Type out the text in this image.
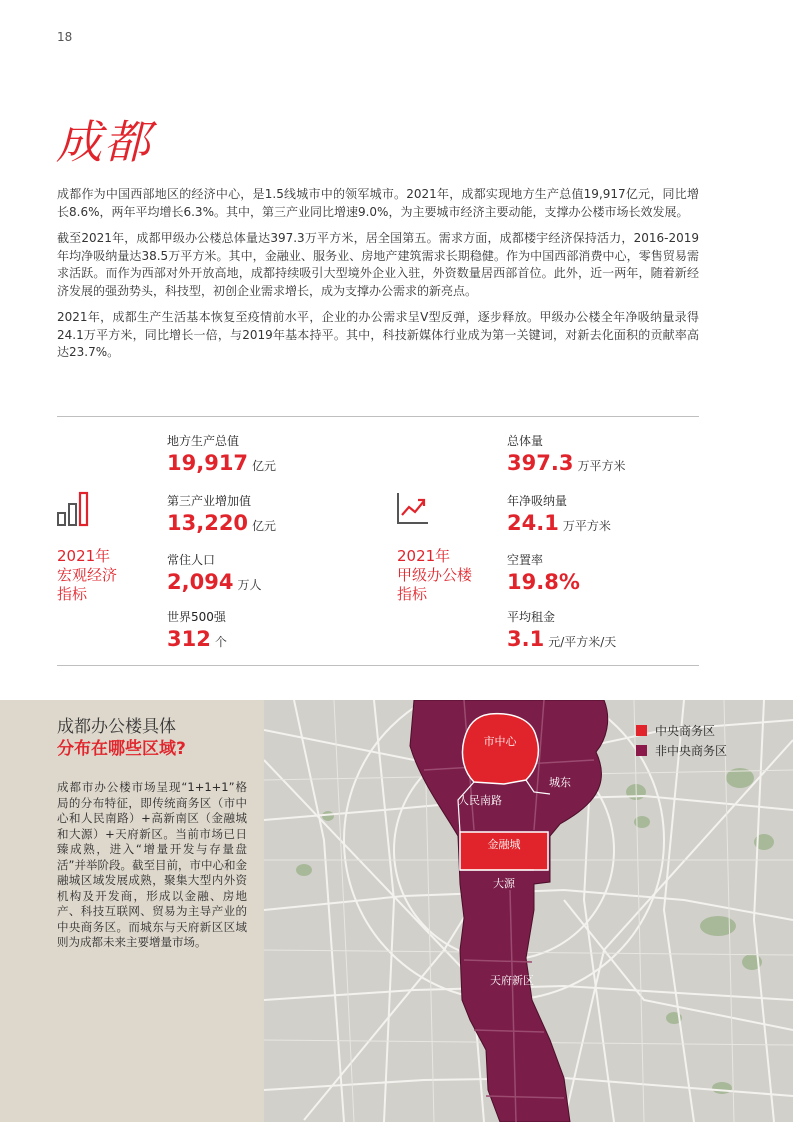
18
成都

成都作为中国西部地区的经济中心，是1.5线城市中的领军城市。2021年，成都实现地方生产总值19,917亿元，同比增长8.6%，两年平均增长6.3%。其中，第三产业同比增速9.0%，为主要城市经济主要动能，支撑办公楼市场长效发展。

截至2021年，成都甲级办公楼总体量达397.3万平方米，居全国第五。需求方面，成都楼宇经济保持活力，2016-2019年均净吸纳量达38.5万平方米。其中，金融业、服务业、房地产建筑需求长期稳健。作为中国西部消费中心，零售贸易需求活跃。而作为西部对外开放高地，成都持续吸引大型境外企业入驻，外资数量居西部首位。此外，近一两年，随着新经济发展的强劲势头，科技型，初创企业需求增长，成为支撑办公需求的新亮点。

2021年，成都生产生活基本恢复至疫情前水平，企业的办公需求呈V型反弹，逐步释放。甲级办公楼全年净吸纳量录得24.1万平方米，同比增长一倍，与2019年基本持平。其中，科技新媒体行业成为第一关键词，对新去化面积的贡献率高达23.7%。

2021年
宏观经济
指标
地方生产总值
19,917 亿元
第三产业增加值
13,220 亿元
常住人口
2,094 万人
世界500强
312 个
2021年
甲级办公楼
指标
总体量
397.3 万平方米
年净吸纳量
24.1 万平方米
空置率
19.8%
平均租金
3.1 元/平方米/天
成都办公楼具体
分布在哪些区域?
成都市办公楼市场呈现“1+1+1”格局的分布特征，即传统商务区（市中心和人民南路）+高新南区（金融城和大源）+天府新区。当前市场已日臻成熟，进入“增量开发与存量盘活”并举阶段。截至目前，市中心和金融城区域发展成熟，聚集大型内外资机构及开发商，形成以金融、房地产、科技互联网、贸易为主导产业的中央商务区。而城东与天府新区区域则为成都未来主要增量市场。
市中心
城东
人民南路
金融城
大源
天府新区
中央商务区
非中央商务区
